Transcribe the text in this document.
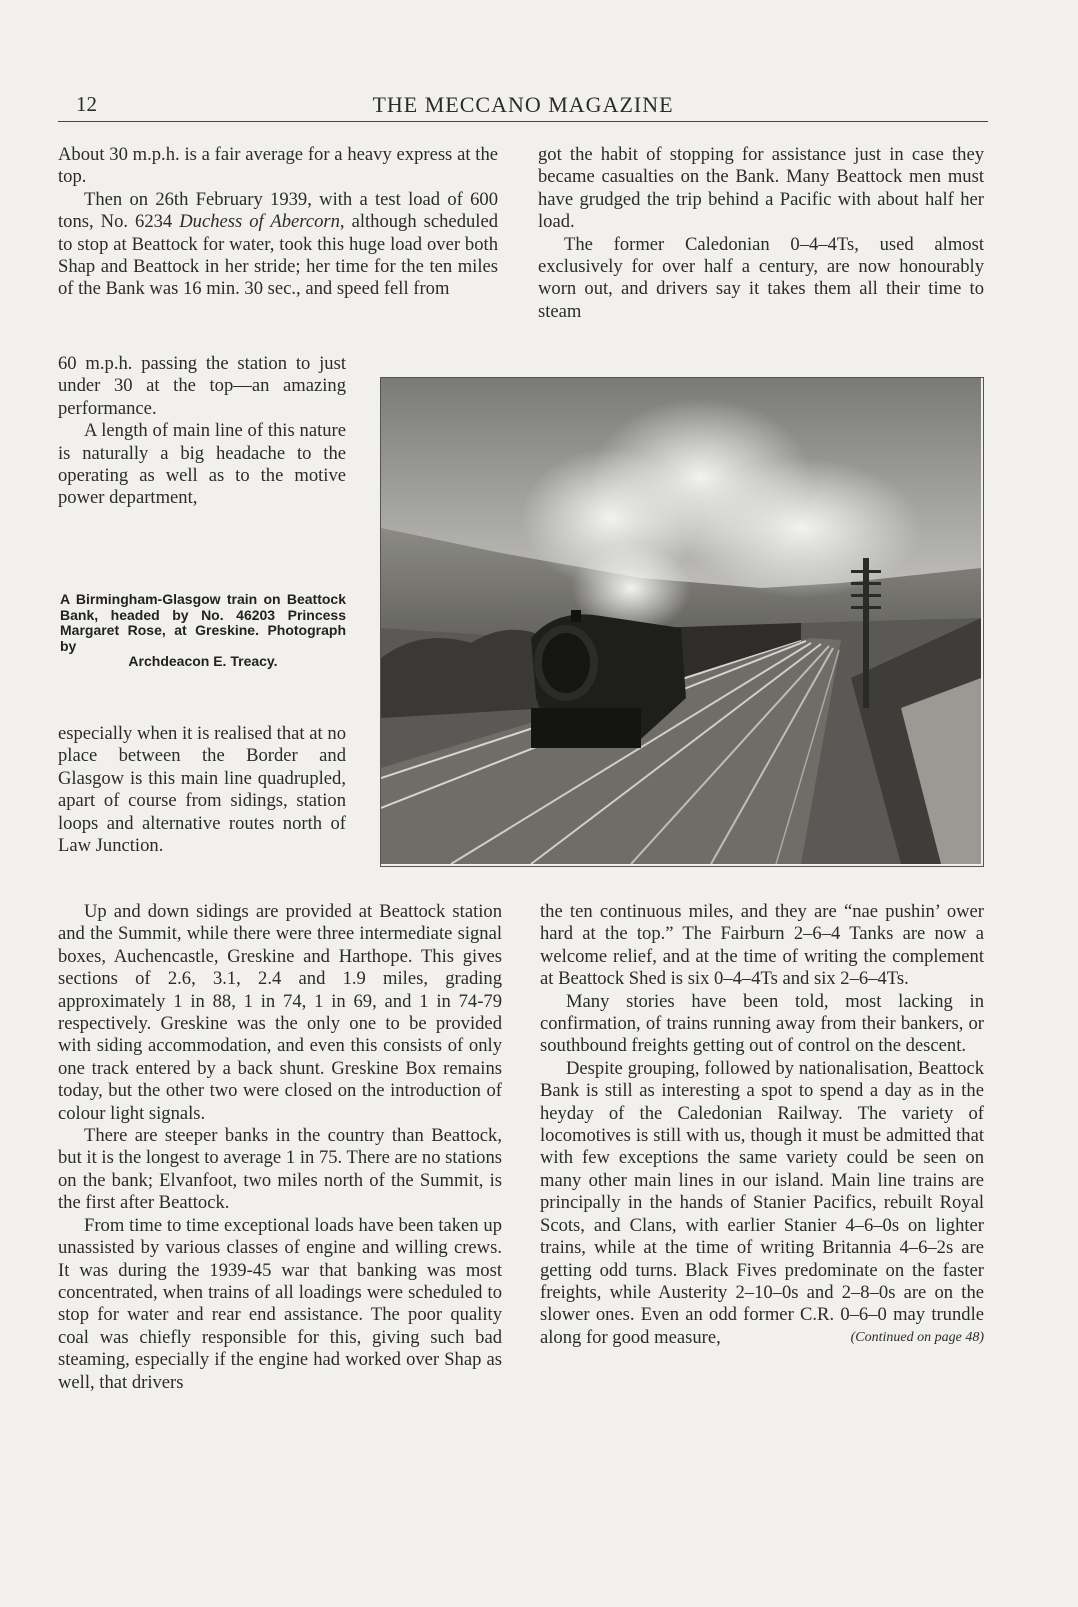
12	THE MECCANO MAGAZINE

About 30 m.p.h. is a fair average for a heavy express at the top.

Then on 26th February 1939, with a test load of 600 tons, No. 6234 Duchess of Abercorn, although scheduled to stop at Beattock for water, took this huge load over both Shap and Beattock in her stride; her time for the ten miles of the Bank was 16 min. 30 sec., and speed fell from

60 m.p.h. passing the station to just under 30 at the top—an amazing performance.

A length of main line of this nature is naturally a big headache to the operating as well as to the motive power department,

A Birmingham-Glasgow train on Beattock Bank, headed by No. 46203 Princess Margaret Rose, at Greskine. Photograph by
Archdeacon E. Treacy.

especially when it is realised that at no place between the Border and Glasgow is this main line quadrupled, apart of course from sidings, station loops and alternative routes north of Law Junction.

Up and down sidings are provided at Beattock station and the Summit, while there were three intermediate signal boxes, Auchencastle, Greskine and Harthope. This gives sections of 2.6, 3.1, 2.4 and 1.9 miles, grading approximately 1 in 88, 1 in 74, 1 in 69, and 1 in 74-79 respectively. Greskine was the only one to be provided with siding accommodation, and even this consists of only one track entered by a back shunt. Greskine Box remains today, but the other two were closed on the introduction of colour light signals.

There are steeper banks in the country than Beattock, but it is the longest to average 1 in 75. There are no stations on the bank; Elvanfoot, two miles north of the Summit, is the first after Beattock.

From time to time exceptional loads have been taken up unassisted by various classes of engine and willing crews. It was during the 1939-45 war that banking was most concentrated, when trains of all loadings were scheduled to stop for water and rear end assistance. The poor quality coal was chiefly responsible for this, giving such bad steaming, especially if the engine had worked over Shap as well, that drivers

got the habit of stopping for assistance just in case they became casualties on the Bank. Many Beattock men must have grudged the trip behind a Pacific with about half her load.

The former Caledonian 0–4–4Ts, used almost exclusively for over half a century, are now honourably worn out, and drivers say it takes them all their time to steam

the ten continuous miles, and they are “nae pushin’ ower hard at the top.” The Fairburn 2–6–4 Tanks are now a welcome relief, and at the time of writing the complement at Beattock Shed is six 0–4–4Ts and six 2–6–4Ts.

Many stories have been told, most lacking in confirmation, of trains running away from their bankers, or southbound freights getting out of control on the descent.

Despite grouping, followed by nationalisation, Beattock Bank is still as interesting a spot to spend a day as in the heyday of the Caledonian Railway. The variety of locomotives is still with us, though it must be admitted that with few exceptions the same variety could be seen on many other main lines in our island. Main line trains are principally in the hands of Stanier Pacifics, rebuilt Royal Scots, and Clans, with earlier Stanier 4–6–0s on lighter trains, while at the time of writing Britannia 4–6–2s are getting odd turns. Black Fives predominate on the faster freights, while Austerity 2–10–0s and 2–8–0s are on the slower ones. Even an odd former C.R. 0–6–0 may trundle along for good measure,	(Continued on page 48)
